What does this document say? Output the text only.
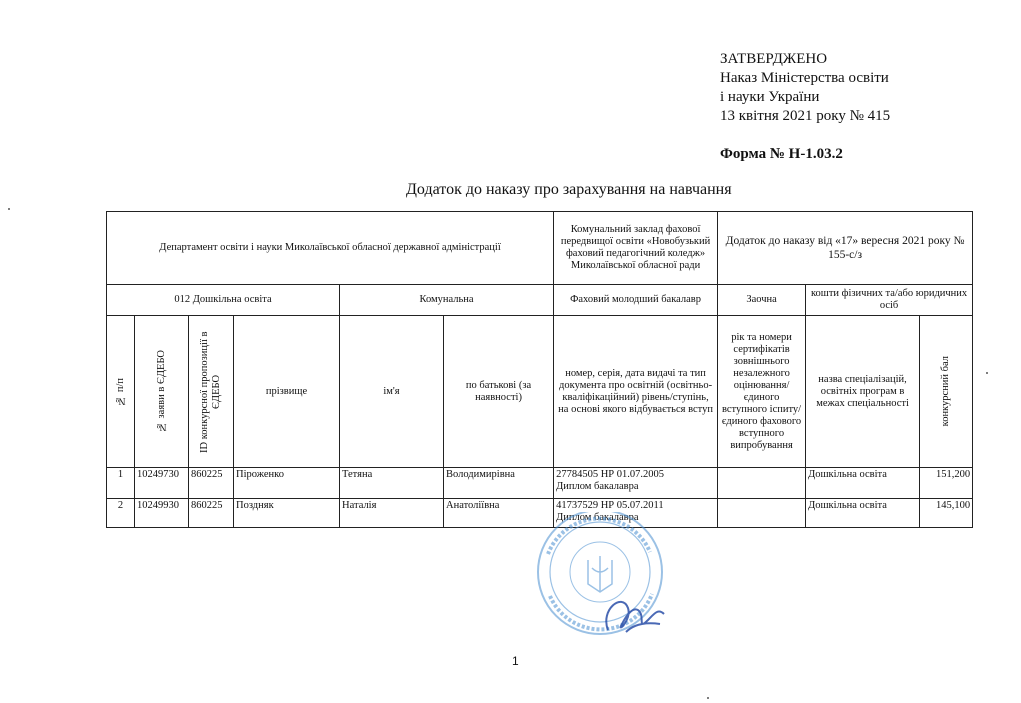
ЗАТВЕРДЖЕНО
Наказ Міністерства освіти
і науки України
13 квітня 2021 року № 415
Форма № Н-1.03.2
Додаток до наказу про зарахування на навчання
Департамент освіти і науки Миколаївської обласної державної адміністрації						Комунальний заклад фахової передвищої освіти «Новобузький фаховий педагогічний коледж» Миколаївської обласної ради	Додаток до наказу від «17» вересня 2021 року № 155-с/з		
012 Дошкільна освіта				Комунальна		Фаховий молодший бакалавр	Заочна	кошти фізичних та/або юридичних осіб	

№ п/п	№ заяви в ЄДЕБО	ID конкурсної пропозиції в ЄДЕБО	прізвище	ім'я	по батькові (за наявності)	номер, серія, дата видачі та тип документа про освітній (освітньо-кваліфікаційний) рівень/ступінь, на основі якого відбувається вступ	рік та номери сертифікатів зовнішнього незалежного оцінювання/ єдиного вступного іспиту/ єдиного фахового вступного випробування	назва спеціалізацій, освітніх програм в межах спеціальності	конкурсний бал

1	10249730	860225	Піроженко	Тетяна	Володимирівна	27784505 НР 01.07.2005
Диплом бакалавра		Дошкільна освіта	151,200
2	10249930	860225	Поздняк	Наталія	Анатоліївна	41737529 НР 05.07.2011
Диплом бакалавра		Дошкільна освіта	145,100
1
